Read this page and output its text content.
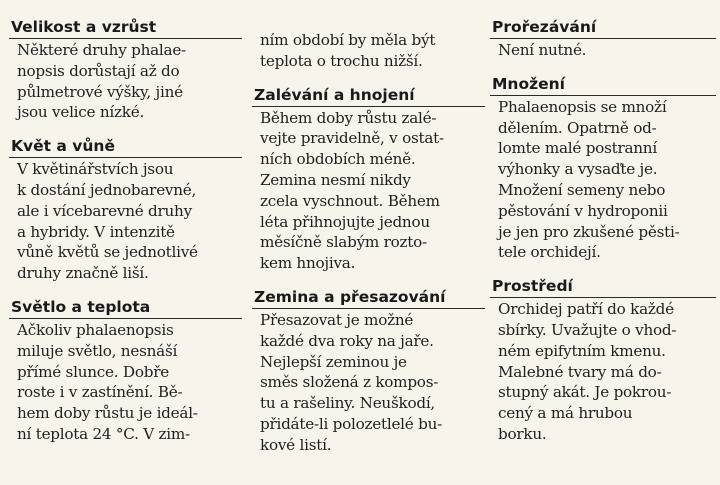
Velikost a vzrůst
Některé druhy phalae-
nopsis dorůstají až do
půlmetrové výšky, jiné
jsou velice nízké.
Květ a vůně
V květinářstvích jsou
k dostání jednobarevné,
ale i vícebarevné druhy
a hybridy. V intenzitě
vůně květů se jednotlivé
druhy značně liší.
Světlo a teplota
Ačkoliv phalaenopsis
miluje světlo, nesnáší
přímé slunce. Dobře
roste i v zastínění. Bě-
hem doby růstu je ideál-
ní teplota 24 °C. V zim-
ním období by měla být
teplota o trochu nižší.
Zalévání a hnojení
Během doby růstu zalé-
vejte pravidelně, v ostat-
ních obdobích méně.
Zemina nesmí nikdy
zcela vyschnout. Během
léta přihnojujte jednou
měsíčně slabým rozto-
kem hnojiva.
Zemina a přesazování
Přesazovat je možné
každé dva roky na jaře.
Nejlepší zeminou je
směs složená z kompos-
tu a rašeliny. Neuškodí,
přidáte-li polozetlelé bu-
kové listí.
Prořezávání
Není nutné.
Množení
Phalaenopsis se množí
dělením. Opatrně od-
lomte malé postranní
výhonky a vysaďte je.
Množení semeny nebo
pěstování v hydroponii
je jen pro zkušené pěsti-
tele orchidejí.
Prostředí
Orchidej patří do každé
sbírky. Uvažujte o vhod-
ném epifytním kmenu.
Malebné tvary má do-
stupný akát. Je pokrou-
cený a má hrubou
borku.
